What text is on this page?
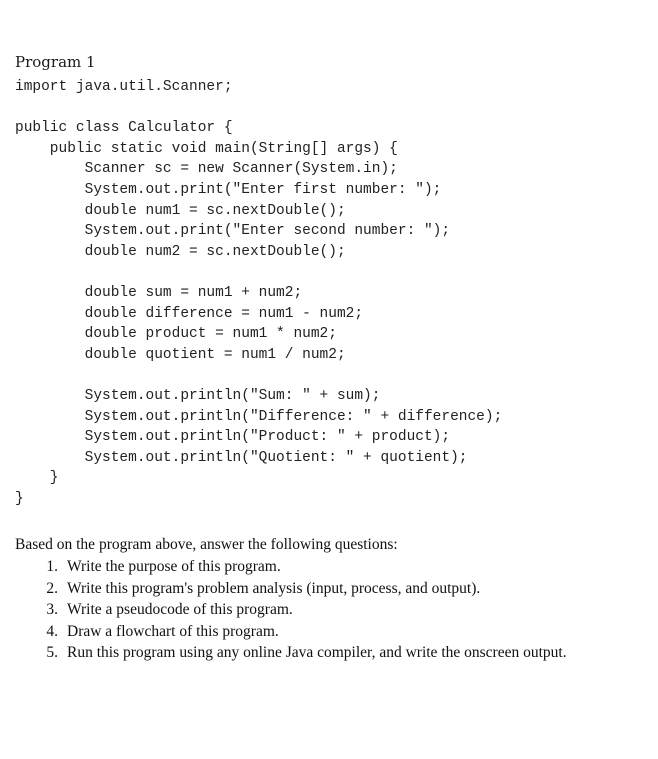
Program 1
import java.util.Scanner;
public class Calculator {
public static void main(String[] args) {
Scanner sc = new Scanner(System.in);
System.out.print("Enter first number: ");
double num1 = sc.nextDouble();
System.out.print("Enter second number: ");
double num2 = sc.nextDouble();
double sum = num1 + num2;
double difference = num1 - num2;
double product = num1 * num2;
double quotient = num1 / num2;
System.out.println("Sum: " + sum);
System.out.println("Difference: " + difference);
System.out.println("Product: " + product);
System.out.println("Quotient: " + quotient);
}
}
Based on the program above, answer the following questions:
1. Write the purpose of this program.
2. Write this program's problem analysis (input, process, and output).
3. Write a pseudocode of this program.
4. Draw a flowchart of this program.
5. Run this program using any online Java compiler, and write the onscreen output.
